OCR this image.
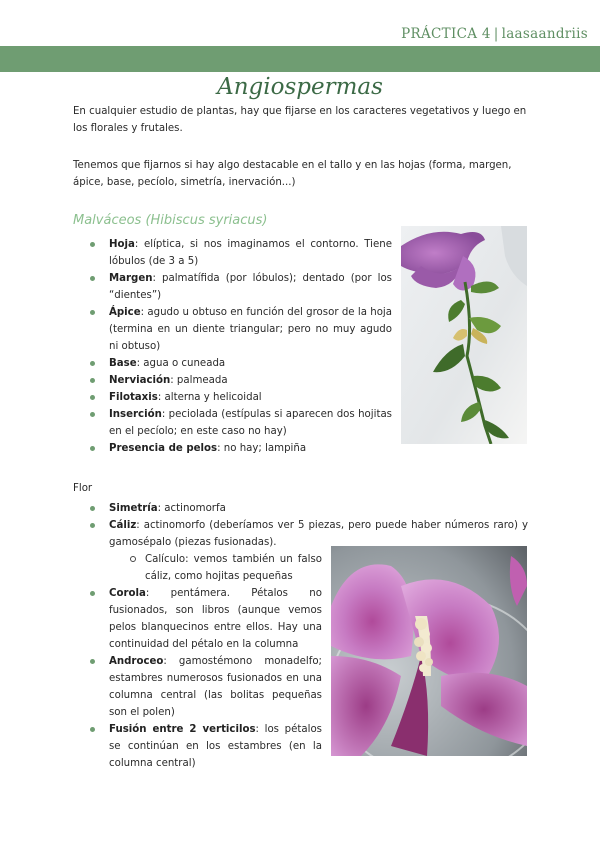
PRÁCTICA 4 | laasaandriis
Angiospermas

En cualquier estudio de plantas, hay que fijarse en los caracteres vegetativos y luego en los florales y frutales.

Tenemos que fijarnos si hay algo destacable en el tallo y en las hojas (forma, margen, ápice, base, pecíolo, simetría, inervación...)

Malváceos (Hibiscus syriacus)
Hoja: elíptica, si nos imaginamos el contorno. Tiene lóbulos (de 3 a 5)
Margen: palmatífida (por lóbulos); dentado (por los “dientes”)
Ápice: agudo u obtuso en función del grosor de la hoja (termina en un diente triangular; pero no muy agudo ni obtuso)
Base: agua o cuneada
Nerviación: palmeada
Filotaxis: alterna y helicoidal
Inserción: peciolada (estípulas si aparecen dos hojitas en el pecíolo; en este caso no hay)
Presencia de pelos: no hay; lampiña
Flor
Simetría: actinomorfa
Cáliz: actinomorfo (deberíamos ver 5 piezas, pero puede haber números raro) y gamosépalo (piezas fusionadas).
Calículo: vemos también un falso cáliz, como hojitas pequeñas
Corola: pentámera. Pétalos no fusionados, son libros (aunque vemos pelos blanquecinos entre ellos. Hay una continuidad del pétalo en la columna
Androceo: gamostémono monadelfo; estambres numerosos fusionados en una columna central (las bolitas pequeñas son el polen)
Fusión entre 2 verticilos: los pétalos se continúan en los estambres (en la columna central)
